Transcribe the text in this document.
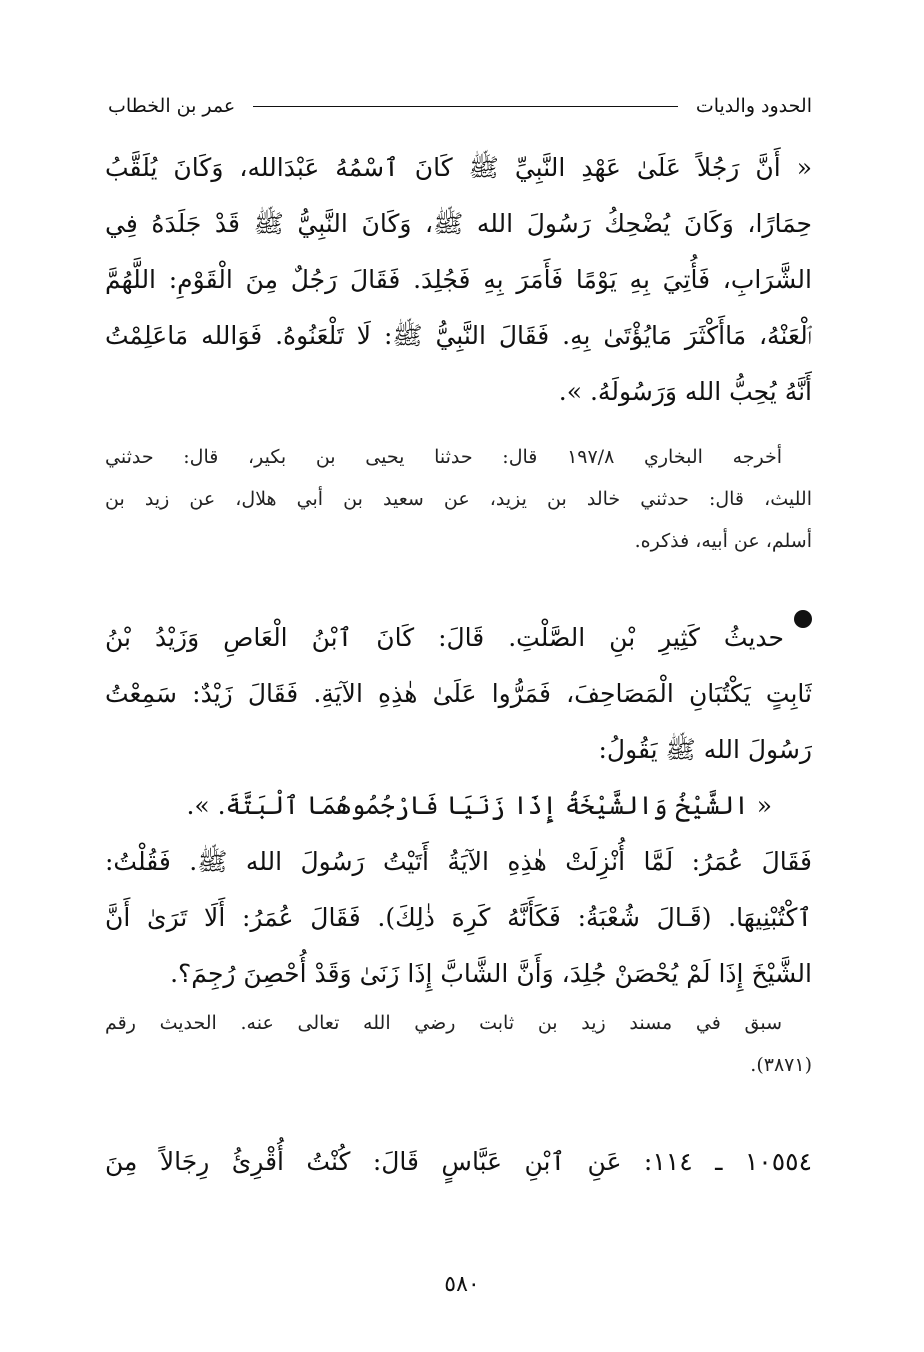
الحدود والديات
عمر بن الخطاب
« أَنَّ رَجُلاً عَلَىٰ عَهْدِ النَّبِيِّ ﷺ كَانَ ٱسْمُهُ عَبْدَالله، وَكَانَ يُلَقَّبُ
حِمَارًا، وَكَانَ يُضْحِكُ رَسُولَ الله ﷺ، وَكَانَ النَّبِيُّ ﷺ قَدْ جَلَدَهُ فِي
الشَّرَابِ، فَأُتِيَ بِهِ يَوْمًا فَأَمَرَ بِهِ فَجُلِدَ. فَقَالَ رَجُلٌ مِنَ الْقَوْمِ: اللَّهُمَّ
ٱلْعَنْهُ، مَاأَكْثَرَ مَايُؤْتَىٰ بِهِ. فَقَالَ النَّبِيُّ ﷺ: لَا تَلْعَنُوهُ. فَوَالله مَاعَلِمْتُ
أَنَّهُ يُحِبُّ الله وَرَسُولَهُ. ».
أخرجه البخاري ١٩٧/٨ قال: حدثنا يحيى بن بكير، قال: حدثني
الليث، قال: حدثني خالد بن يزيد، عن سعيد بن أبي هلال، عن زيد بن
أسلم، عن أبيه، فذكره.
حديثُ كَثِيرِ بْنِ الصَّلْتِ. قَالَ: كَانَ ٱبْنُ الْعَاصِ وَزَيْدُ بْنُ
ثَابِتٍ يَكْتُبَانِ الْمَصَاحِفَ، فَمَرُّوا عَلَىٰ هٰذِهِ الآيَةِ. فَقَالَ زَيْدٌ: سَمِعْتُ
رَسُولَ الله ﷺ يَقُولُ:
« الشَّيْخُ وَالشَّيْخَةُ إِذَا زَنَيَا فَارْجُمُوهُمَا ٱلْبَتَّةَ. ».
فَقَالَ عُمَرُ: لَمَّا أُنْزِلَتْ هٰذِهِ الآيَةُ أَتَيْتُ رَسُولَ الله ﷺ. فَقُلْتُ:
ٱكْتُبْنِيهَا. (قَـالَ شُعْبَةُ: فَكَأَنَّهُ كَرِهَ ذٰلِكَ). فَقَالَ عُمَرُ: أَلَا تَرَىٰ أَنَّ
الشَّيْخَ إِذَا لَمْ يُحْصَنْ جُلِدَ، وَأَنَّ الشَّابَّ إِذَا زَنَىٰ وَقَدْ أُحْصِنَ رُجِمَ؟.
سبق في مسند زيد بن ثابت رضي الله تعالى عنه. الحديث رقم
(٣٨٧١).
١٠٥٥٤ ـ ١١٤: عَنِ ٱبْنِ عَبَّاسٍ قَالَ: كُنْتُ أُقْرِئُ رِجَالاً مِنَ
٥٨٠
